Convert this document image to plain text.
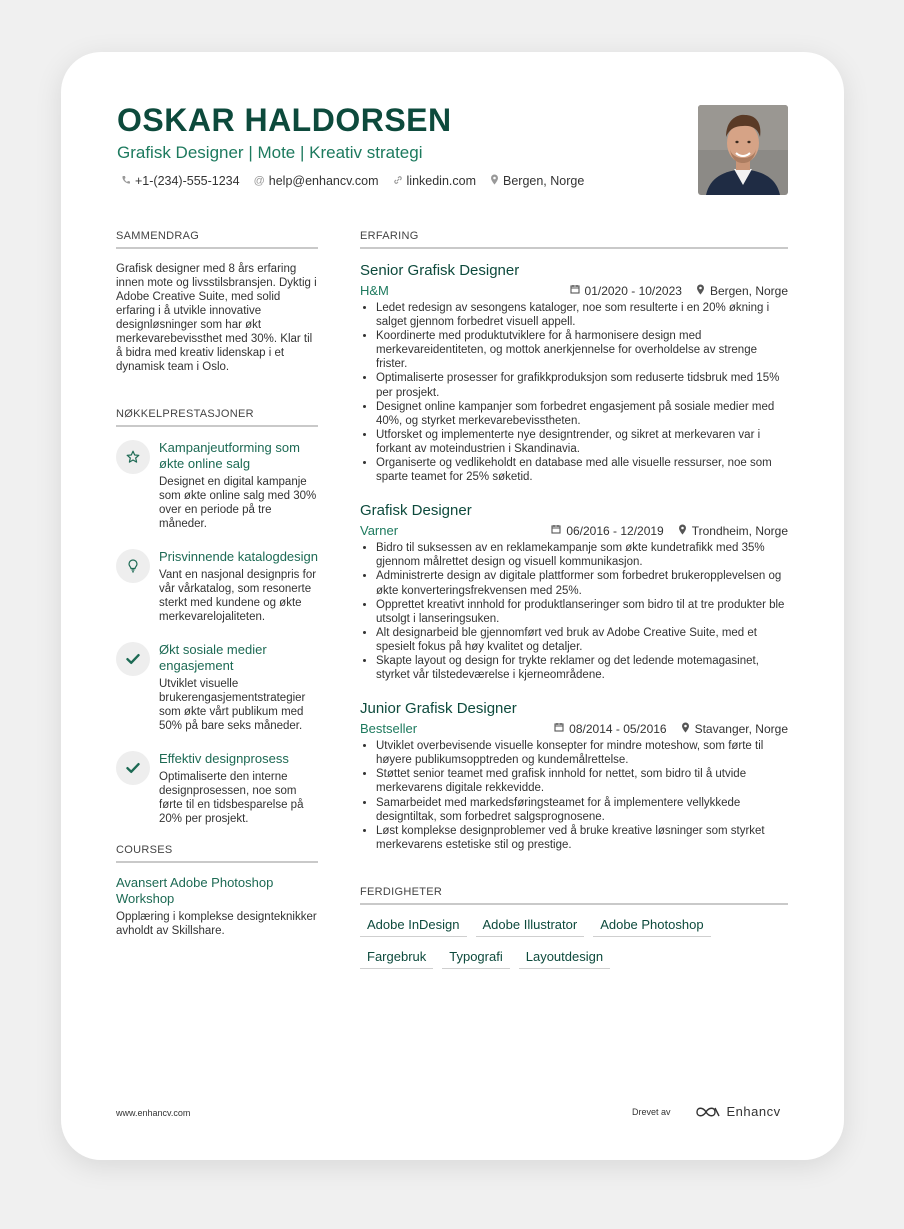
OSKAR HALDORSEN
Grafisk Designer | Mote | Kreativ strategi
+1-(234)-555-1234 @ help@enhancv.com linkedin.com Bergen, Norge
SAMMENDRAG
Grafisk designer med 8 års erfaring innen mote og livsstilsbransjen. Dyktig i Adobe Creative Suite, med solid erfaring i å utvikle innovative designløsninger som har økt merkevarebevissthet med 30%. Klar til å bidra med kreativ lidenskap i et dynamisk team i Oslo.
NØKKELPRESTASJONER
Kampanjeutforming som økte online salg
Designet en digital kampanje som økte online salg med 30% over en periode på tre måneder.
Prisvinnende katalogdesign
Vant en nasjonal designpris for vår vårkatalog, som resonerte sterkt med kundene og økte merkevarelojaliteten.
Økt sosiale medier engasjement
Utviklet visuelle brukerengasjementstrategier som økte vårt publikum med 50% på bare seks måneder.
Effektiv designprosess
Optimaliserte den interne designprosessen, noe som førte til en tidsbesparelse på 20% per prosjekt.
COURSES
Avansert Adobe Photoshop Workshop
Opplæring i komplekse designteknikker avholdt av Skillshare.
ERFARING
Senior Grafisk Designer
H&M	01/2020 - 10/2023 Bergen, Norge
• Ledet redesign av sesongens kataloger, noe som resulterte i en 20% økning i salget gjennom forbedret visuell appell.
• Koordinerte med produktutviklere for å harmonisere design med merkevareidentiteten, og mottok anerkjennelse for overholdelse av strenge frister.
• Optimaliserte prosesser for grafikkproduksjon som reduserte tidsbruk med 15% per prosjekt.
• Designet online kampanjer som forbedret engasjement på sosiale medier med 40%, og styrket merkevarebevisstheten.
• Utforsket og implementerte nye designtrender, og sikret at merkevaren var i forkant av moteindustrien i Skandinavia.
• Organiserte og vedlikeholdt en database med alle visuelle ressurser, noe som sparte teamet for 25% søketid.
Grafisk Designer
Varner	06/2016 - 12/2019 Trondheim, Norge
• Bidro til suksessen av en reklamekampanje som økte kundetrafikk med 35% gjennom målrettet design og visuell kommunikasjon.
• Administrerte design av digitale plattformer som forbedret brukeropplevelsen og økte konverteringsfrekvensen med 25%.
• Opprettet kreativt innhold for produktlanseringer som bidro til at tre produkter ble utsolgt i lanseringsuken.
• Alt designarbeid ble gjennomført ved bruk av Adobe Creative Suite, med et spesielt fokus på høy kvalitet og detaljer.
• Skapte layout og design for trykte reklamer og det ledende motemagasinet, styrket vår tilstedeværelse i kjerneområdene.
Junior Grafisk Designer
Bestseller	08/2014 - 05/2016 Stavanger, Norge
• Utviklet overbevisende visuelle konsepter for mindre moteshow, som førte til høyere publikumsopptreden og kundemålrettelse.
• Støttet senior teamet med grafisk innhold for nettet, som bidro til å utvide merkevarens digitale rekkevidde.
• Samarbeidet med markedsføringsteamet for å implementere vellykkede designtiltak, som forbedret salgsprognosene.
• Løst komplekse designproblemer ved å bruke kreative løsninger som styrket merkevarens estetiske stil og prestige.
FERDIGHETER
Adobe InDesign	Adobe Illustrator	Adobe Photoshop
Fargebruk	Typografi	Layoutdesign
www.enhancv.com	Drevet av	Enhancv
